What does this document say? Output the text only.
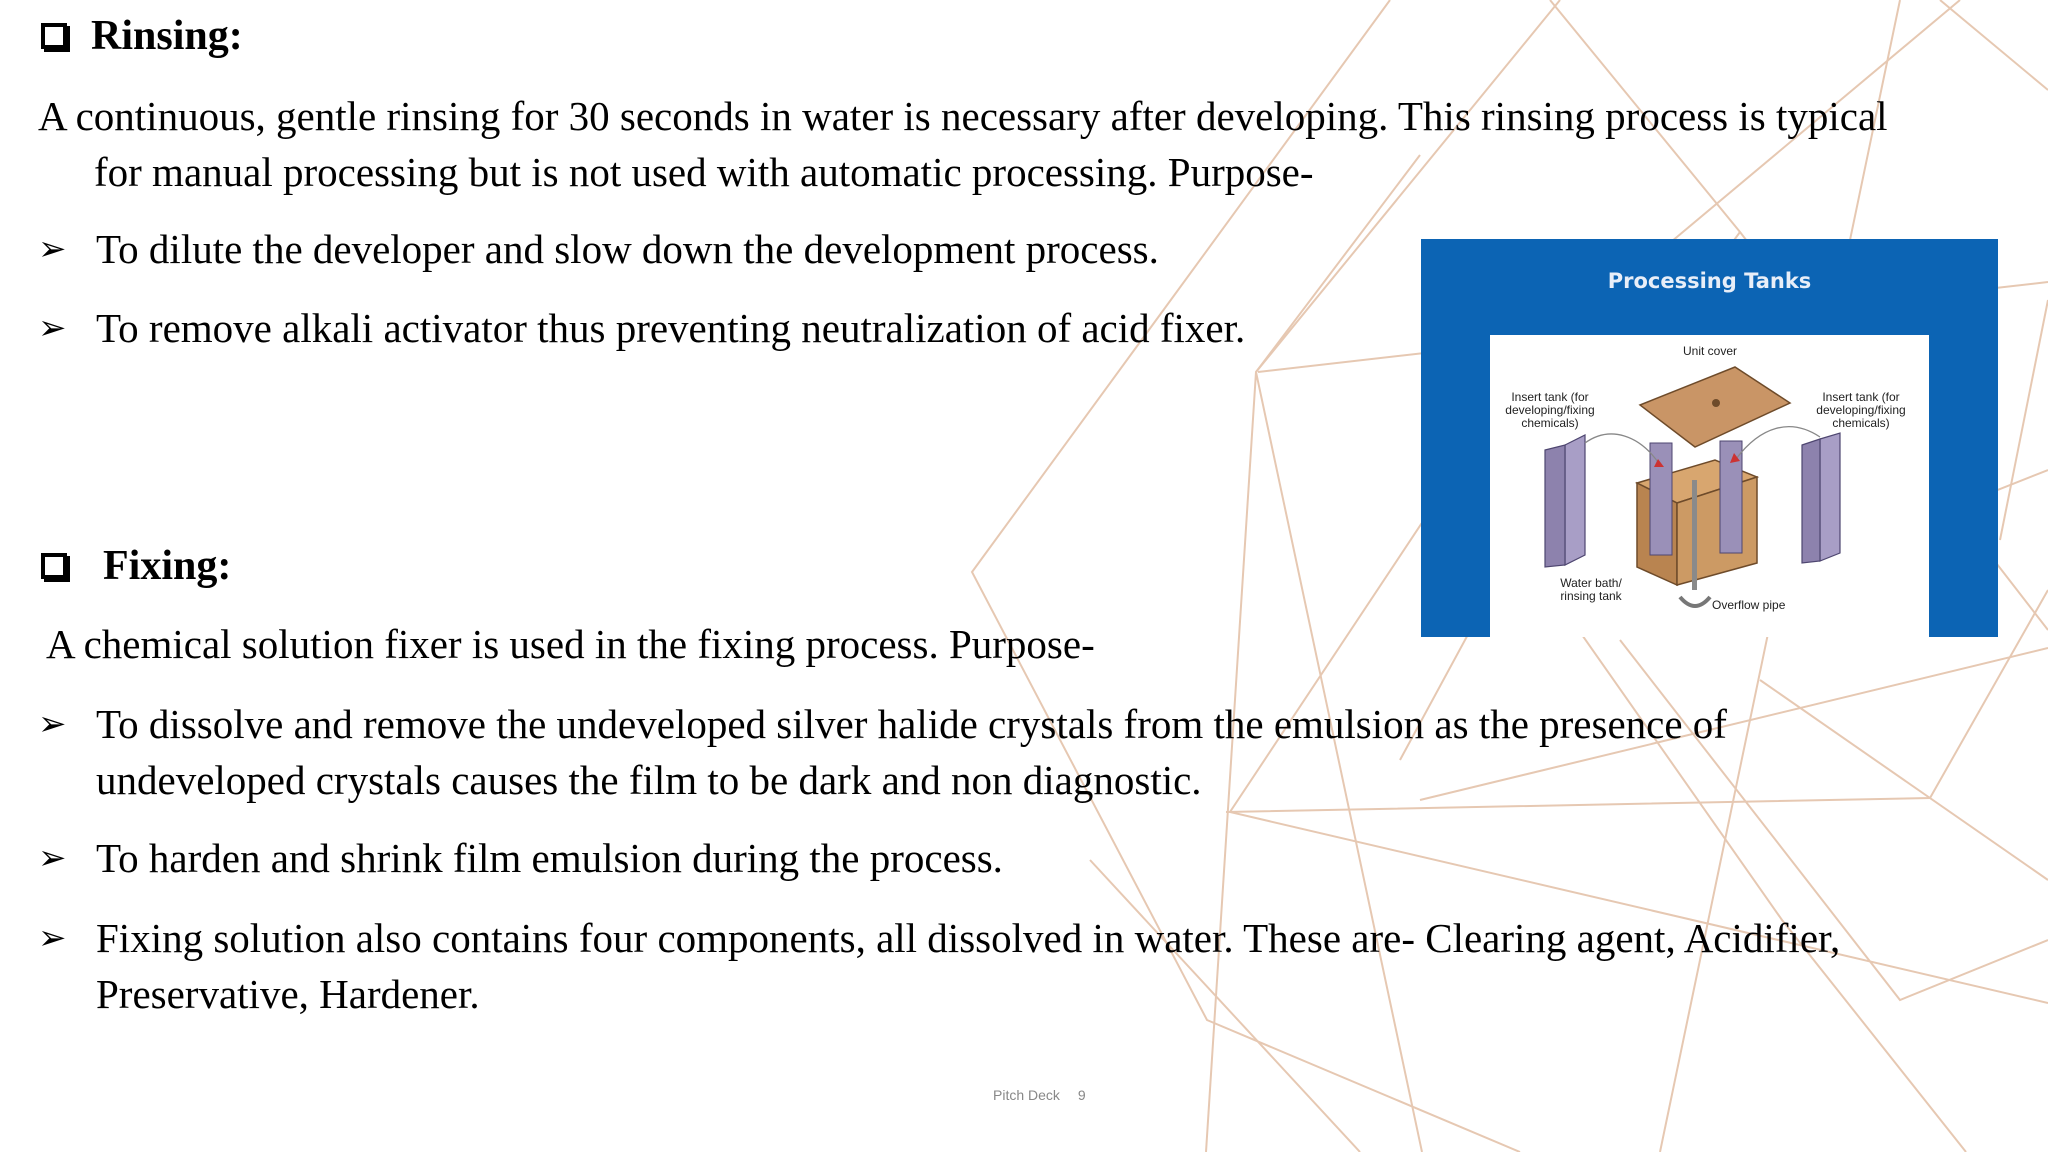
Rinsing:
A continuous, gentle rinsing for 30 seconds in water is necessary after developing. This rinsing process is typical
for manual processing but is not used with automatic processing. Purpose-
➢ To dilute the developer and slow down the development process.
➢ To remove alkali activator thus preventing neutralization of acid fixer.
Fixing:
A chemical solution fixer is used in the fixing process. Purpose-
➢ To dissolve and remove the undeveloped silver halide crystals from the emulsion as the presence of
undeveloped crystals causes the film to be dark and non diagnostic.
➢ To harden and shrink film emulsion during the process.
➢ Fixing solution also contains four components, all dissolved in water. These are- Clearing agent, Acidifier,
Preservative, Hardener.
Processing Tanks
Unit cover
Insert tank (for developing/fixing chemicals)
Insert tank (for developing/fixing chemicals)
Water bath/ rinsing tank
Overflow pipe
Pitch Deck 9
